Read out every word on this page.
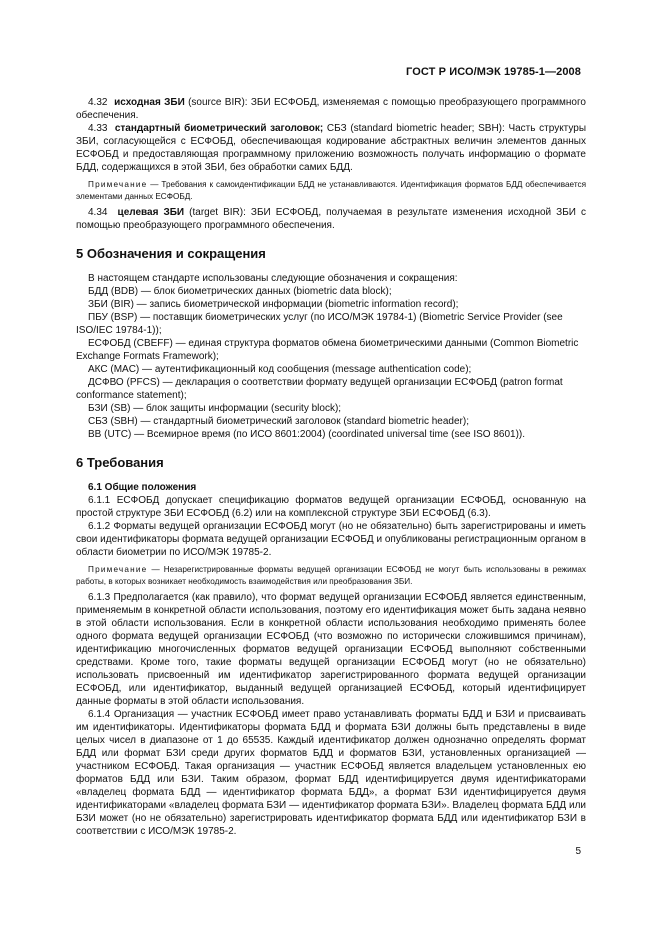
ГОСТ Р ИСО/МЭК 19785-1—2008

4.32 исходная ЗБИ (source BIR): ЗБИ ЕСФОБД, изменяемая с помощью преобразующего программного обеспечения.

4.33 стандартный биометрический заголовок; СБЗ (standard biometric header; SBH): Часть структуры ЗБИ, согласующейся с ЕСФОБД, обеспечивающая кодирование абстрактных величин элементов данных ЕСФОБД и предоставляющая программному приложению возможность получать информацию о формате БДД, содержащихся в этой ЗБИ, без обработки самих БДД.

Примечание — Требования к самоидентификации БДД не устанавливаются. Идентификация форматов БДД обеспечивается элементами данных ЕСФОБД.

4.34 целевая ЗБИ (target BIR): ЗБИ ЕСФОБД, получаемая в результате изменения исходной ЗБИ с помощью преобразующего программного обеспечения.

5 Обозначения и сокращения

В настоящем стандарте использованы следующие обозначения и сокращения:

БДД (BDB) — блок биометрических данных (biometric data block);

ЗБИ (BIR) — запись биометрической информации (biometric information record);

ПБУ (BSP) — поставщик биометрических услуг (по ИСО/МЭК 19784-1) (Biometric Service Provider (see ISO/IEC 19784-1));

ЕСФОБД (CBEFF) — единая структура форматов обмена биометрическими данными (Common Biometric Exchange Formats Framework);

АКС (MAC) — аутентификационный код сообщения (message authentication code);

ДСФВО (PFCS) — декларация о соответствии формату ведущей организации ЕСФОБД (patron format conformance statement);

БЗИ (SB) — блок защиты информации (security block);

СБЗ (SBH) — стандартный биометрический заголовок (standard biometric header);

ВВ (UTC) — Всемирное время (по ИСО 8601:2004) (coordinated universal time (see ISO 8601)).

6 Требования
6.1 Общие положения

6.1.1 ЕСФОБД допускает спецификацию форматов ведущей организации ЕСФОБД, основанную на простой структуре ЗБИ ЕСФОБД (6.2) или на комплексной структуре ЗБИ ЕСФОБД (6.3).

6.1.2 Форматы ведущей организации ЕСФОБД могут (но не обязательно) быть зарегистрированы и иметь свои идентификаторы формата ведущей организации ЕСФОБД и опубликованы регистрационным органом в области биометрии по ИСО/МЭК 19785-2.

Примечание — Незарегистрированные форматы ведущей организации ЕСФОБД не могут быть использованы в режимах работы, в которых возникает необходимость взаимодействия или преобразования ЗБИ.

6.1.3 Предполагается (как правило), что формат ведущей организации ЕСФОБД является единственным, применяемым в конкретной области использования, поэтому его идентификация может быть задана неявно в этой области использования. Если в конкретной области использования необходимо применять более одного формата ведущей организации ЕСФОБД (что возможно по исторически сложившимся причинам), идентификацию многочисленных форматов ведущей организации ЕСФОБД выполняют собственными средствами. Кроме того, такие форматы ведущей организации ЕСФОБД могут (но не обязательно) использовать присвоенный им идентификатор зарегистрированного формата ведущей организации ЕСФОБД, или идентификатор, выданный ведущей организацией ЕСФОБД, который идентифицирует данные форматы в этой области использования.

6.1.4 Организация — участник ЕСФОБД имеет право устанавливать форматы БДД и БЗИ и присваивать им идентификаторы. Идентификаторы формата БДД и формата БЗИ должны быть представлены в виде целых чисел в диапазоне от 1 до 65535. Каждый идентификатор должен однозначно определять формат БДД или формат БЗИ среди других форматов БДД и форматов БЗИ, установленных организацией — участником ЕСФОБД. Такая организация — участник ЕСФОБД является владельцем установленных ею форматов БДД или БЗИ. Таким образом, формат БДД идентифицируется двумя идентификаторами «владелец формата БДД — идентификатор формата БДД», а формат БЗИ идентифицируется двумя идентификаторами «владелец формата БЗИ — идентификатор формата БЗИ». Владелец формата БДД или БЗИ может (но не обязательно) зарегистрировать идентификатор формата БДД или идентификатор БЗИ в соответствии с ИСО/МЭК 19785-2.

5
